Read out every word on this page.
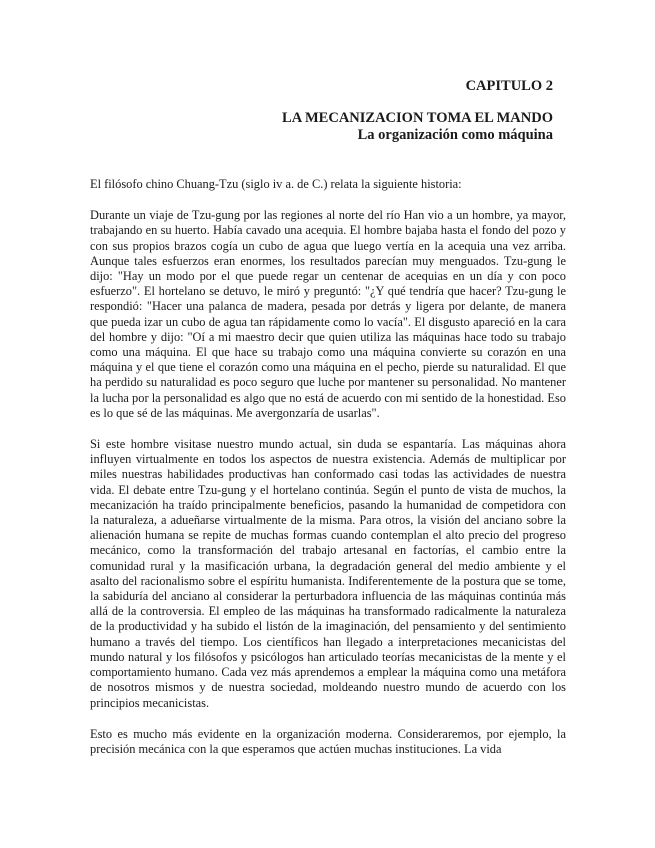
CAPITULO 2
LA MECANIZACION TOMA EL MANDO
La organización como máquina

El filósofo chino Chuang-Tzu (siglo iv a. de C.) relata la siguiente historia:

Durante un viaje de Tzu-gung por las regiones al norte del río Han vio a un hombre, ya mayor, trabajando en su huerto. Había cavado una acequia. El hombre bajaba hasta el fondo del pozo y con sus propios brazos cogía un cubo de agua que luego vertía en la acequia una vez arriba. Aunque tales esfuerzos eran enormes, los resultados parecían muy menguados. Tzu-gung le dijo: "Hay un modo por el que puede regar un centenar de acequias en un día y con poco esfuerzo". El hortelano se detuvo, le miró y preguntó: "¿Y qué tendría que hacer? Tzu-gung le respondió: "Hacer una palanca de madera, pesada por detrás y ligera por delante, de manera que pueda izar un cubo de agua tan rápidamente como lo vacía". El disgusto apareció en la cara del hombre y dijo: "Oí a mi maestro decir que quien utiliza las máquinas hace todo su trabajo como una máquina. El que hace su trabajo como una máquina convierte su corazón en una máquina y el que tiene el corazón como una máquina en el pecho, pierde su naturalidad. El que ha perdido su naturalidad es poco seguro que luche por mantener su personalidad. No mantener la lucha por la personalidad es algo que no está de acuerdo con mi sentido de la honestidad. Eso es lo que sé de las máquinas. Me avergonzaría de usarlas".

Si este hombre visitase nuestro mundo actual, sin duda se espantaría. Las máquinas ahora influyen virtualmente en todos los aspectos de nuestra existencia. Además de multiplicar por miles nuestras habilidades productivas han conformado casi todas las actividades de nuestra vida. El debate entre Tzu-gung y el hortelano continúa. Según el punto de vista de muchos, la mecanización ha traído principalmente beneficios, pasando la humanidad de competidora con la naturaleza, a adueñarse virtualmente de la misma. Para otros, la visión del anciano sobre la alienación humana se repite de muchas formas cuando contemplan el alto precio del progreso mecánico, como la transformación del trabajo artesanal en factorías, el cambio entre la comunidad rural y la masificación urbana, la degradación general del medio ambiente y el asalto del racionalismo sobre el espíritu humanista. Indiferentemente de la postura que se tome, la sabiduría del anciano al considerar la perturbadora influencia de las máquinas continúa más allá de la controversia. El empleo de las máquinas ha transformado radicalmente la naturaleza de la productividad y ha subido el listón de la imaginación, del pensamiento y del sentimiento humano a través del tiempo. Los científicos han llegado a interpretaciones mecanicistas del mundo natural y los filósofos y psicólogos han articulado teorías mecanicistas de la mente y el comportamiento humano. Cada vez más aprendemos a emplear la máquina como una metáfora de nosotros mismos y de nuestra sociedad, moldeando nuestro mundo de acuerdo con los principios mecanicistas.

Esto es mucho más evidente en la organización moderna. Consideraremos, por ejemplo, la precisión mecánica con la que esperamos que actúen muchas instituciones. La vida
